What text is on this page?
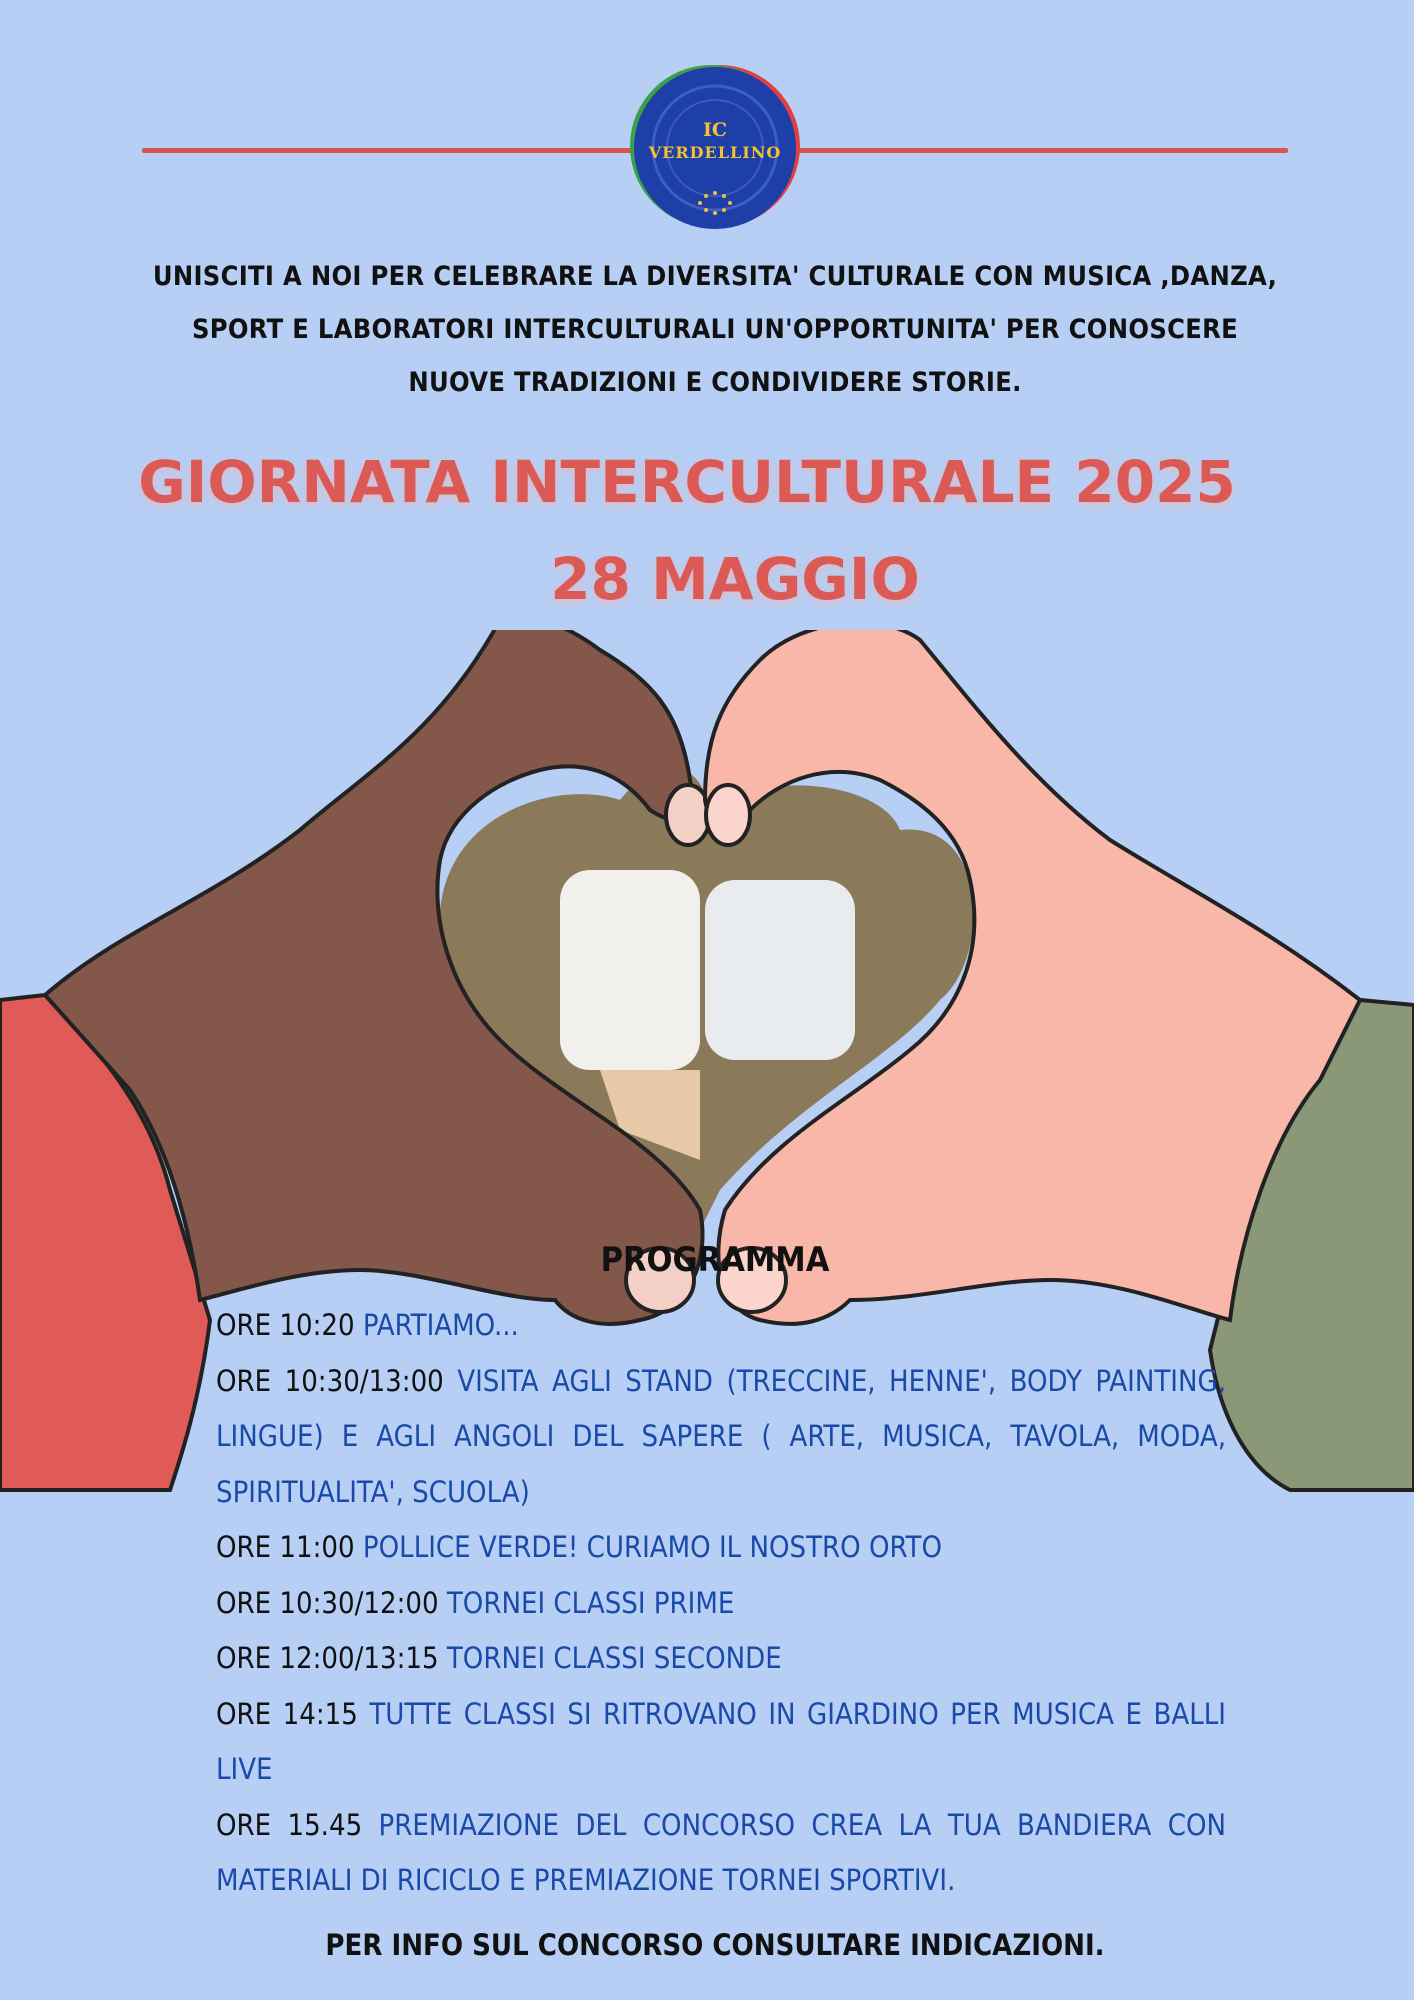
IC
VERDELLINO
UNISCITI A NOI PER CELEBRARE LA DIVERSITA' CULTURALE CON MUSICA ,DANZA, SPORT E LABORATORI INTERCULTURALI UN'OPPORTUNITA' PER CONOSCERE NUOVE TRADIZIONI E CONDIVIDERE STORIE.
GIORNATA INTERCULTURALE 2025
28 MAGGIO
PROGRAMMA
ORE 10:20 PARTIAMO...
ORE 10:30/13:00 VISITA AGLI STAND (TRECCINE, HENNE', BODY PAINTING, LINGUE) E AGLI ANGOLI DEL SAPERE ( ARTE, MUSICA, TAVOLA, MODA, SPIRITUALITA', SCUOLA)
ORE 11:00 POLLICE VERDE! CURIAMO IL NOSTRO ORTO
ORE 10:30/12:00 TORNEI CLASSI PRIME
ORE 12:00/13:15 TORNEI CLASSI SECONDE
ORE 14:15 TUTTE CLASSI SI RITROVANO IN GIARDINO PER MUSICA E BALLI LIVE
ORE 15.45 PREMIAZIONE DEL CONCORSO CREA LA TUA BANDIERA CON MATERIALI DI RICICLO E PREMIAZIONE TORNEI SPORTIVI.
PER INFO SUL CONCORSO CONSULTARE INDICAZIONI.
